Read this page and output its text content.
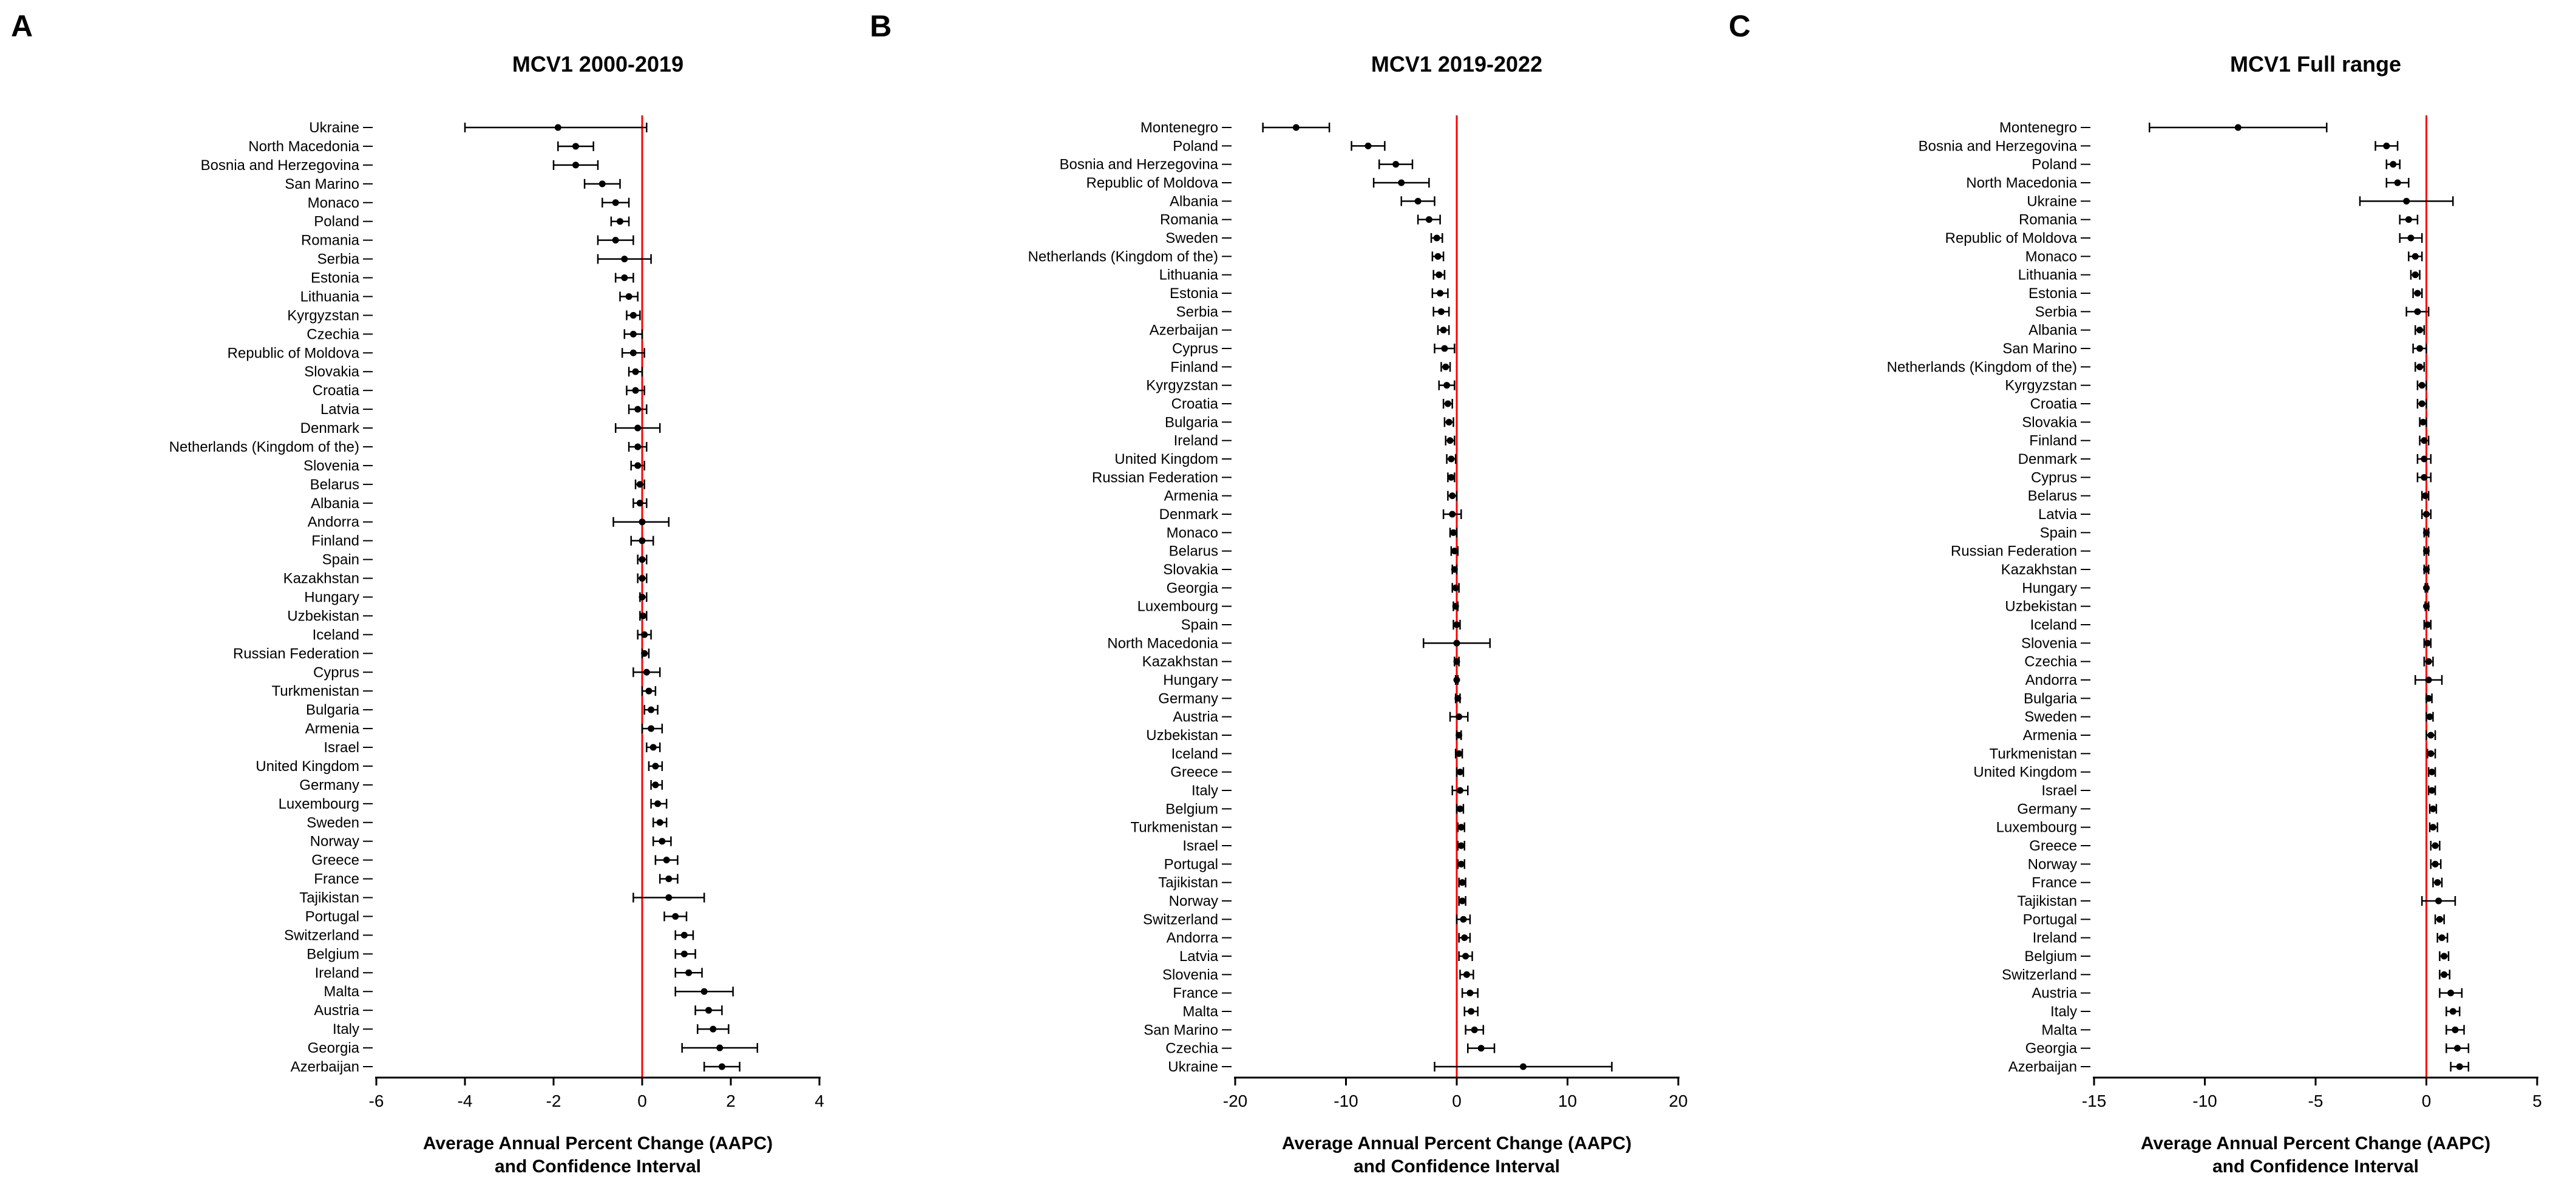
A
MCV1 2000-2019
Ukraine
North Macedonia
Bosnia and Herzegovina
San Marino
Monaco
Poland
Romania
Serbia
Estonia
Lithuania
Kyrgyzstan
Czechia
Republic of Moldova
Slovakia
Croatia
Latvia
Denmark
Netherlands (Kingdom of the)
Slovenia
Belarus
Albania
Andorra
Finland
Spain
Kazakhstan
Hungary
Uzbekistan
Iceland
Russian Federation
Cyprus
Turkmenistan
Bulgaria
Armenia
Israel
United Kingdom
Germany
Luxembourg
Sweden
Norway
Greece
France
Tajikistan
Portugal
Switzerland
Belgium
Ireland
Malta
Austria
Italy
Georgia
Azerbaijan
-6	-4	-2	0	2	4
Average Annual Percent Change (AAPC)
and Confidence Interval
B
MCV1 2019-2022
Montenegro
Poland
Bosnia and Herzegovina
Republic of Moldova
Albania
Romania
Sweden
Netherlands (Kingdom of the)
Lithuania
Estonia
Serbia
Azerbaijan
Cyprus
Finland
Kyrgyzstan
Croatia
Bulgaria
Ireland
United Kingdom
Russian Federation
Armenia
Denmark
Monaco
Belarus
Slovakia
Georgia
Luxembourg
Spain
North Macedonia
Kazakhstan
Hungary
Germany
Austria
Uzbekistan
Iceland
Greece
Italy
Belgium
Turkmenistan
Israel
Portugal
Tajikistan
Norway
Switzerland
Andorra
Latvia
Slovenia
France
Malta
San Marino
Czechia
Ukraine
-20	-10	0	10	20
Average Annual Percent Change (AAPC)
and Confidence Interval
C
MCV1 Full range
Montenegro
Bosnia and Herzegovina
Poland
North Macedonia
Ukraine
Romania
Republic of Moldova
Monaco
Lithuania
Estonia
Serbia
Albania
San Marino
Netherlands (Kingdom of the)
Kyrgyzstan
Croatia
Slovakia
Finland
Denmark
Cyprus
Belarus
Latvia
Spain
Russian Federation
Kazakhstan
Hungary
Uzbekistan
Iceland
Slovenia
Czechia
Andorra
Bulgaria
Sweden
Armenia
Turkmenistan
United Kingdom
Israel
Germany
Luxembourg
Greece
Norway
France
Tajikistan
Portugal
Ireland
Belgium
Switzerland
Austria
Italy
Malta
Georgia
Azerbaijan
-15	-10	-5	0	5
Average Annual Percent Change (AAPC)
and Confidence Interval
